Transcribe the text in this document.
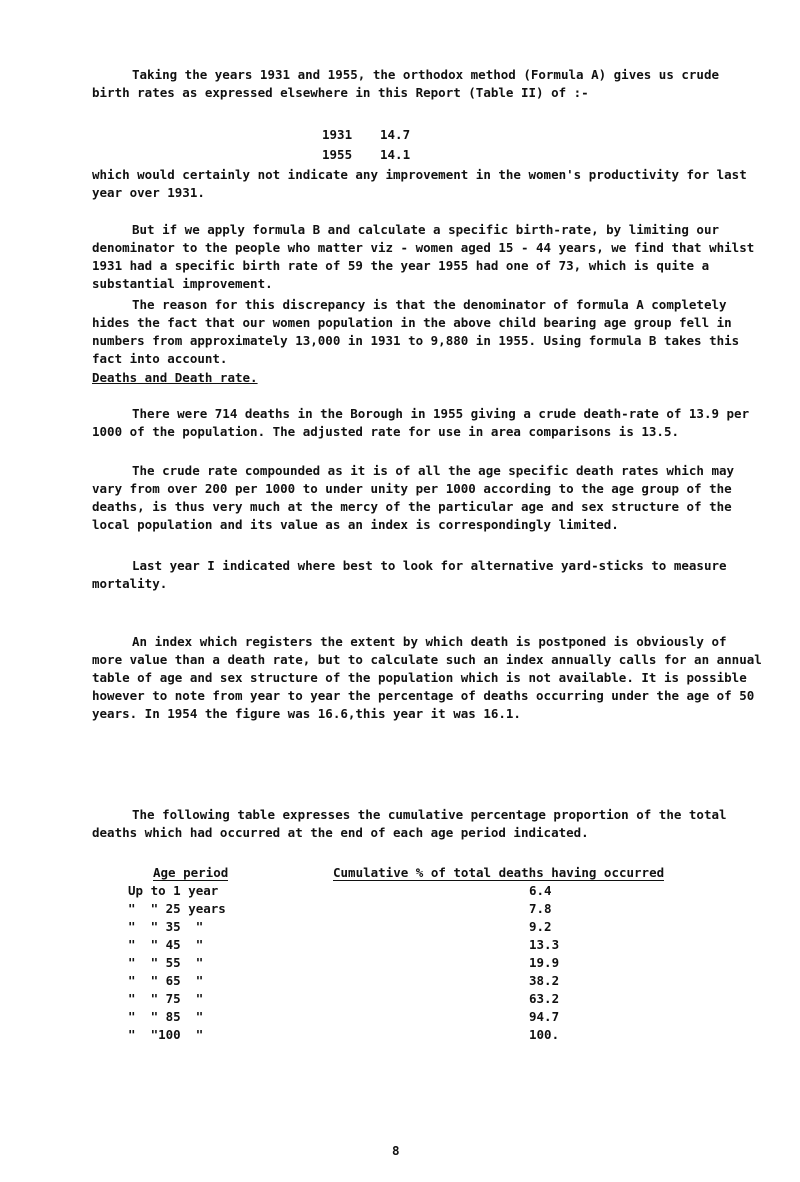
Taking the years 1931 and 1955, the orthodox method (Formula A) gives us crude birth rates as expressed elsewhere in this Report (Table II) of :-

1931 14.7
1955 14.1

which would certainly not indicate any improvement in the women's productivity for last year over 1931.

But if we apply formula B and calculate a specific birth-rate, by limiting our denominator to the people who matter viz - women aged 15 - 44 years, we find that whilst 1931 had a specific birth rate of 59 the year 1955 had one of 73, which is quite a substantial improvement.

The reason for this discrepancy is that the denominator of formula A completely hides the fact that our women population in the above child bearing age group fell in numbers from approximately 13,000 in 1931 to 9,880 in 1955. Using formula B takes this fact into account.

Deaths and Death rate.

There were 714 deaths in the Borough in 1955 giving a crude death-rate of 13.9 per 1000 of the population. The adjusted rate for use in area comparisons is 13.5.

The crude rate compounded as it is of all the age specific death rates which may vary from over 200 per 1000 to under unity per 1000 according to the age group of the deaths, is thus very much at the mercy of the particular age and sex structure of the local population and its value as an index is correspondingly limited.

Last year I indicated where best to look for alternative yard-sticks to measure mortality.

An index which registers the extent by which death is postponed is obviously of more value than a death rate, but to calculate such an index annually calls for an annual table of age and sex structure of the population which is not available. It is possible however to note from year to year the percentage of deaths occurring under the age of 50 years. In 1954 the figure was 16.6,this year it was 16.1.

The following table expresses the cumulative percentage proportion of the total deaths which had occurred at the end of each age period indicated.

Age period	Cumulative % of total deaths having occurred
Up to 1 year	6.4
"  " 25 years	7.8
"  " 35  "	9.2
"  " 45  "	13.3
"  " 55  "	19.9
"  " 65  "	38.2
"  " 75  "	63.2
"  " 85  "	94.7
"  "100  "	100.
8
